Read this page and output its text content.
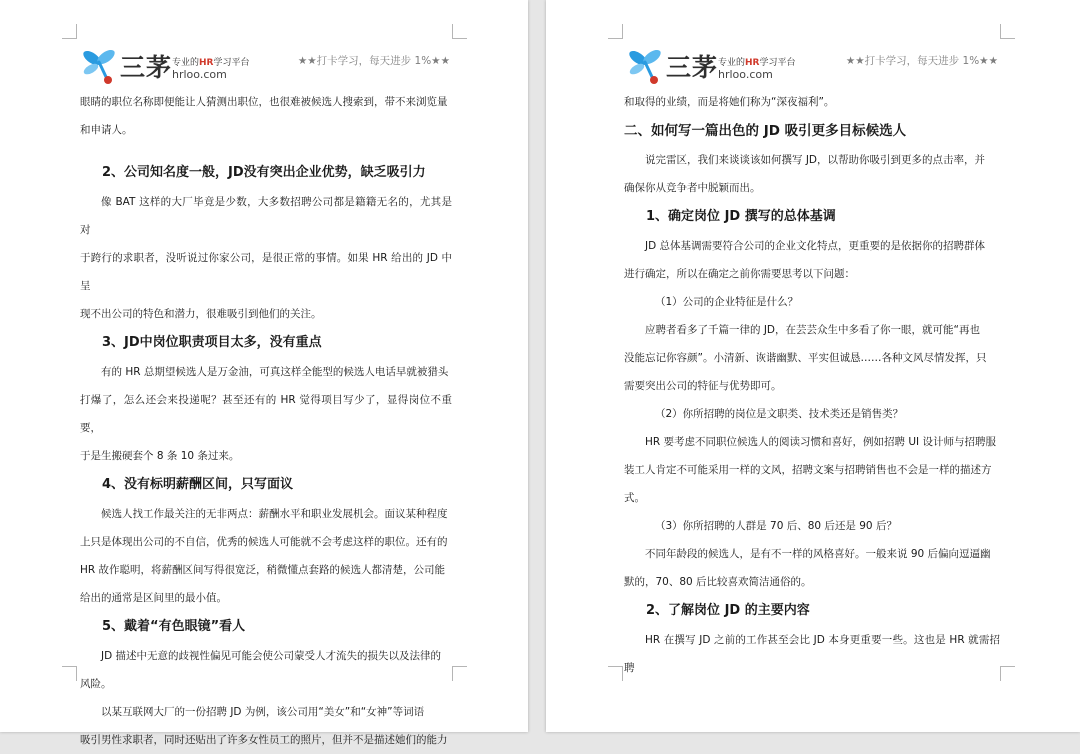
三茅 专业的HR学习平台
hrloo.com
★★打卡学习，每天进步 1%★★

眼睛的职位名称即便能让人猜测出职位，也很难被候选人搜索到，带不来浏览量

和申请人。

2、公司知名度一般，JD没有突出企业优势，缺乏吸引力

像 BAT 这样的大厂毕竟是少数，大多数招聘公司都是籍籍无名的，尤其是对

于跨行的求职者，没听说过你家公司，是很正常的事情。如果 HR 给出的 JD 中呈

现不出公司的特色和潜力，很难吸引到他们的关注。

3、JD中岗位职责项目太多，没有重点

有的 HR 总期望候选人是万金油，可真这样全能型的候选人电话早就被猎头

打爆了，怎么还会来投递呢？甚至还有的 HR 觉得项目写少了，显得岗位不重要，

于是生搬硬套个 8 条 10 条过来。

4、没有标明薪酬区间，只写面议

候选人找工作最关注的无非两点：薪酬水平和职业发展机会。面议某种程度

上只是体现出公司的不自信，优秀的候选人可能就不会考虑这样的职位。还有的

HR 故作聪明，将薪酬区间写得很宽泛，稍微懂点套路的候选人都清楚，公司能

给出的通常是区间里的最小值。

5、戴着“有色眼镜”看人

JD 描述中无意的歧视性偏见可能会使公司蒙受人才流失的损失以及法律的

风险。

以某互联网大厂的一份招聘 JD 为例，该公司用“美女”和“女神”等词语

吸引男性求职者，同时还贴出了许多女性员工的照片，但并不是描述她们的能力

三茅 专业的HR学习平台
hrloo.com
★★打卡学习，每天进步 1%★★

和取得的业绩，而是将她们称为“深夜福利”。

二、如何写一篇出色的 JD 吸引更多目标候选人

说完雷区，我们来谈谈该如何撰写 JD，以帮助你吸引到更多的点击率，并

确保你从竞争者中脱颖而出。

1、确定岗位 JD 撰写的总体基调

JD 总体基调需要符合公司的企业文化特点，更重要的是依据你的招聘群体

进行确定，所以在确定之前你需要思考以下问题：

（1）公司的企业特征是什么？

应聘者看多了千篇一律的 JD，在芸芸众生中多看了你一眼，就可能“再也

没能忘记你容颜”。小清新、诙谐幽默、平实但诚恳……各种文风尽情发挥，只

需要突出公司的特征与优势即可。

（2）你所招聘的岗位是文职类、技术类还是销售类？

HR 要考虑不同职位候选人的阅读习惯和喜好，例如招聘 UI 设计师与招聘服

装工人肯定不可能采用一样的文风，招聘文案与招聘销售也不会是一样的描述方

式。

（3）你所招聘的人群是 70 后、80 后还是 90 后？

不同年龄段的候选人，是有不一样的风格喜好。一般来说 90 后偏向逗逼幽

默的，70、80 后比较喜欢简洁通俗的。

2、了解岗位 JD 的主要内容

HR 在撰写 JD 之前的工作甚至会比 JD 本身更重要一些。这也是 HR 就需招聘
